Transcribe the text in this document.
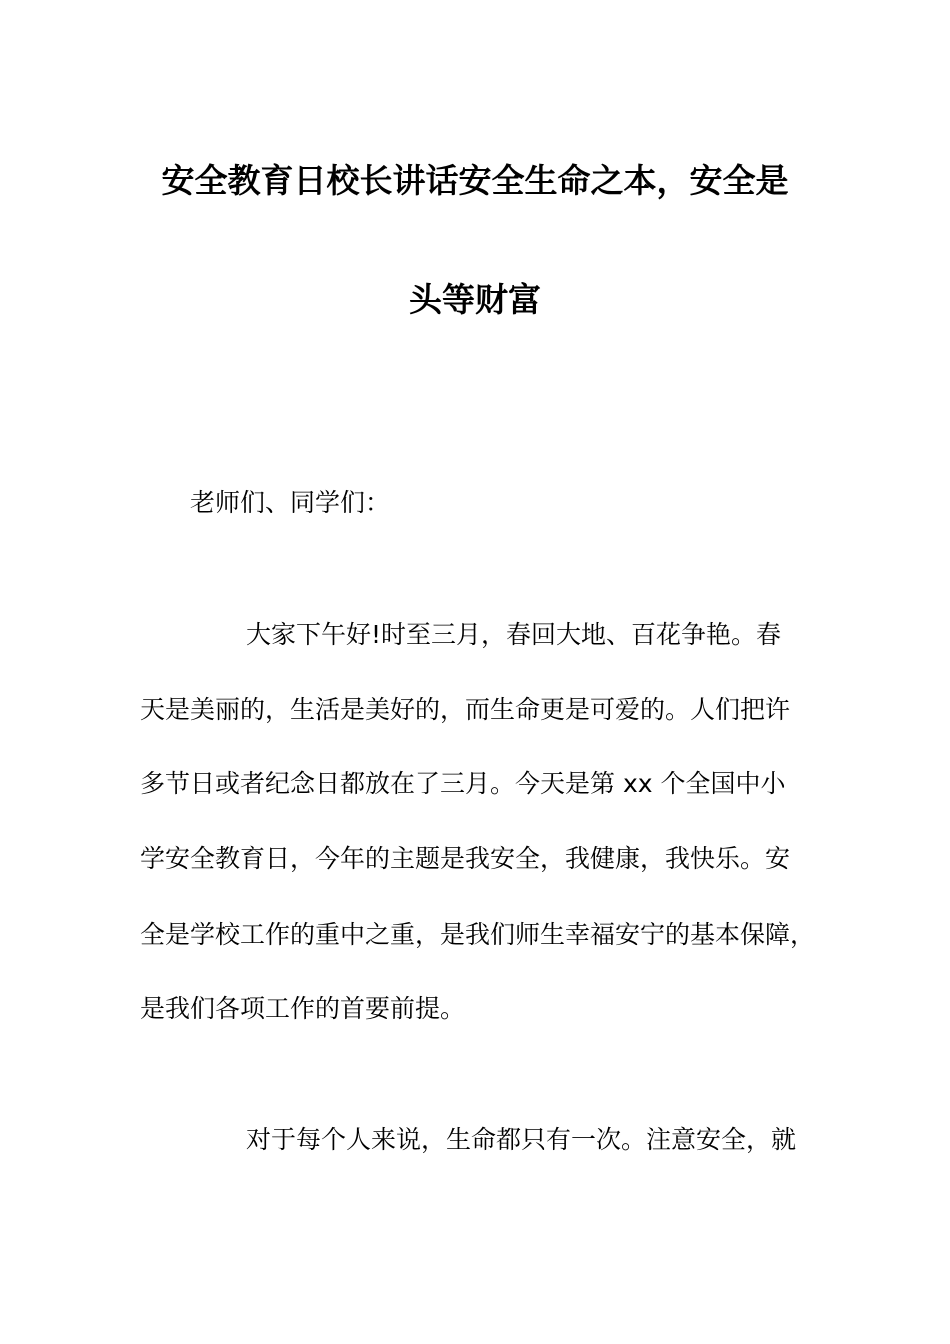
安全教育日校长讲话安全生命之本，安全是
头等财富
老师们、同学们：
大家下午好!时至三月，春回大地、百花争艳。春
天是美丽的，生活是美好的，而生命更是可爱的。人们把许
多节日或者纪念日都放在了三月。今天是第 xx 个全国中小
学安全教育日，今年的主题是我安全，我健康，我快乐。安
全是学校工作的重中之重，是我们师生幸福安宁的基本保障，
是我们各项工作的首要前提。
对于每个人来说，生命都只有一次。注意安全，就
